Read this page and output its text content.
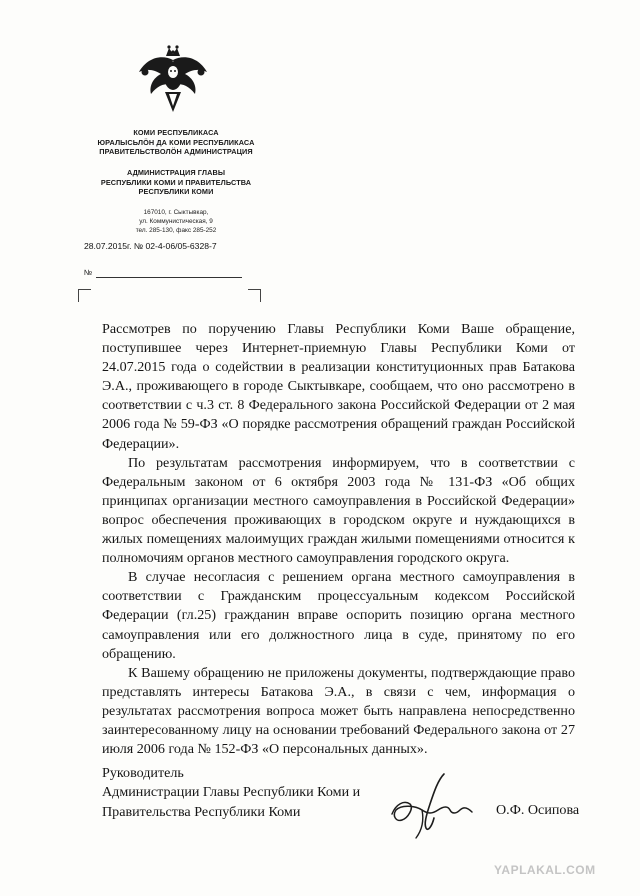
КОМИ РЕСПУБЛИКАСА
ЮРАЛЫСЬЛÖН ДА КОМИ РЕСПУБЛИКАСА
ПРАВИТЕЛЬСТВОЛÖН АДМИНИСТРАЦИЯ
АДМИНИСТРАЦИЯ ГЛАВЫ
РЕСПУБЛИКИ КОМИ И ПРАВИТЕЛЬСТВА
РЕСПУБЛИКИ КОМИ
167010, г. Сыктывкар,
ул. Коммунистическая, 9
тел. 285-130, факс 285-252
28.07.2015г. № 02-4-06/05-6328-7
№

Рассмотрев по поручению Главы Республики Коми Ваше обращение, поступившее через Интернет-приемную Главы Республики Коми от 24.07.2015 года о содействии в реализации конституционных прав Батакова Э.А., проживающего в городе Сыктывкаре, сообщаем, что оно рассмотрено в соответствии с ч.3 ст. 8 Федерального закона Российской Федерации от 2 мая 2006 года № 59-ФЗ «О порядке рассмотрения обращений граждан Российской Федерации».

По результатам рассмотрения информируем, что в соответствии с Федеральным законом от 6 октября 2003 года № 131-ФЗ «Об общих принципах организации местного самоуправления в Российской Федерации» вопрос обеспечения проживающих в городском округе и нуждающихся в жилых помещениях малоимущих граждан жилыми помещениями относится к полномочиям органов местного самоуправления городского округа.

В случае несогласия с решением органа местного самоуправления в соответствии с Гражданским процессуальным кодексом Российской Федерации (гл.25) гражданин вправе оспорить позицию органа местного самоуправления или его должностного лица в суде, принятому по его обращению.

К Вашему обращению не приложены документы, подтверждающие право представлять интересы Батакова Э.А., в связи с чем, информация о результатах рассмотрения вопроса может быть направлена непосредственно заинтересованному лицу на основании требований Федерального закона от 27 июля 2006 года № 152-ФЗ «О персональных данных».

Руководитель
Администрации Главы Республики Коми и
Правительства Республики Коми	О.Ф. Осипова
YAPLAKAL.COM
